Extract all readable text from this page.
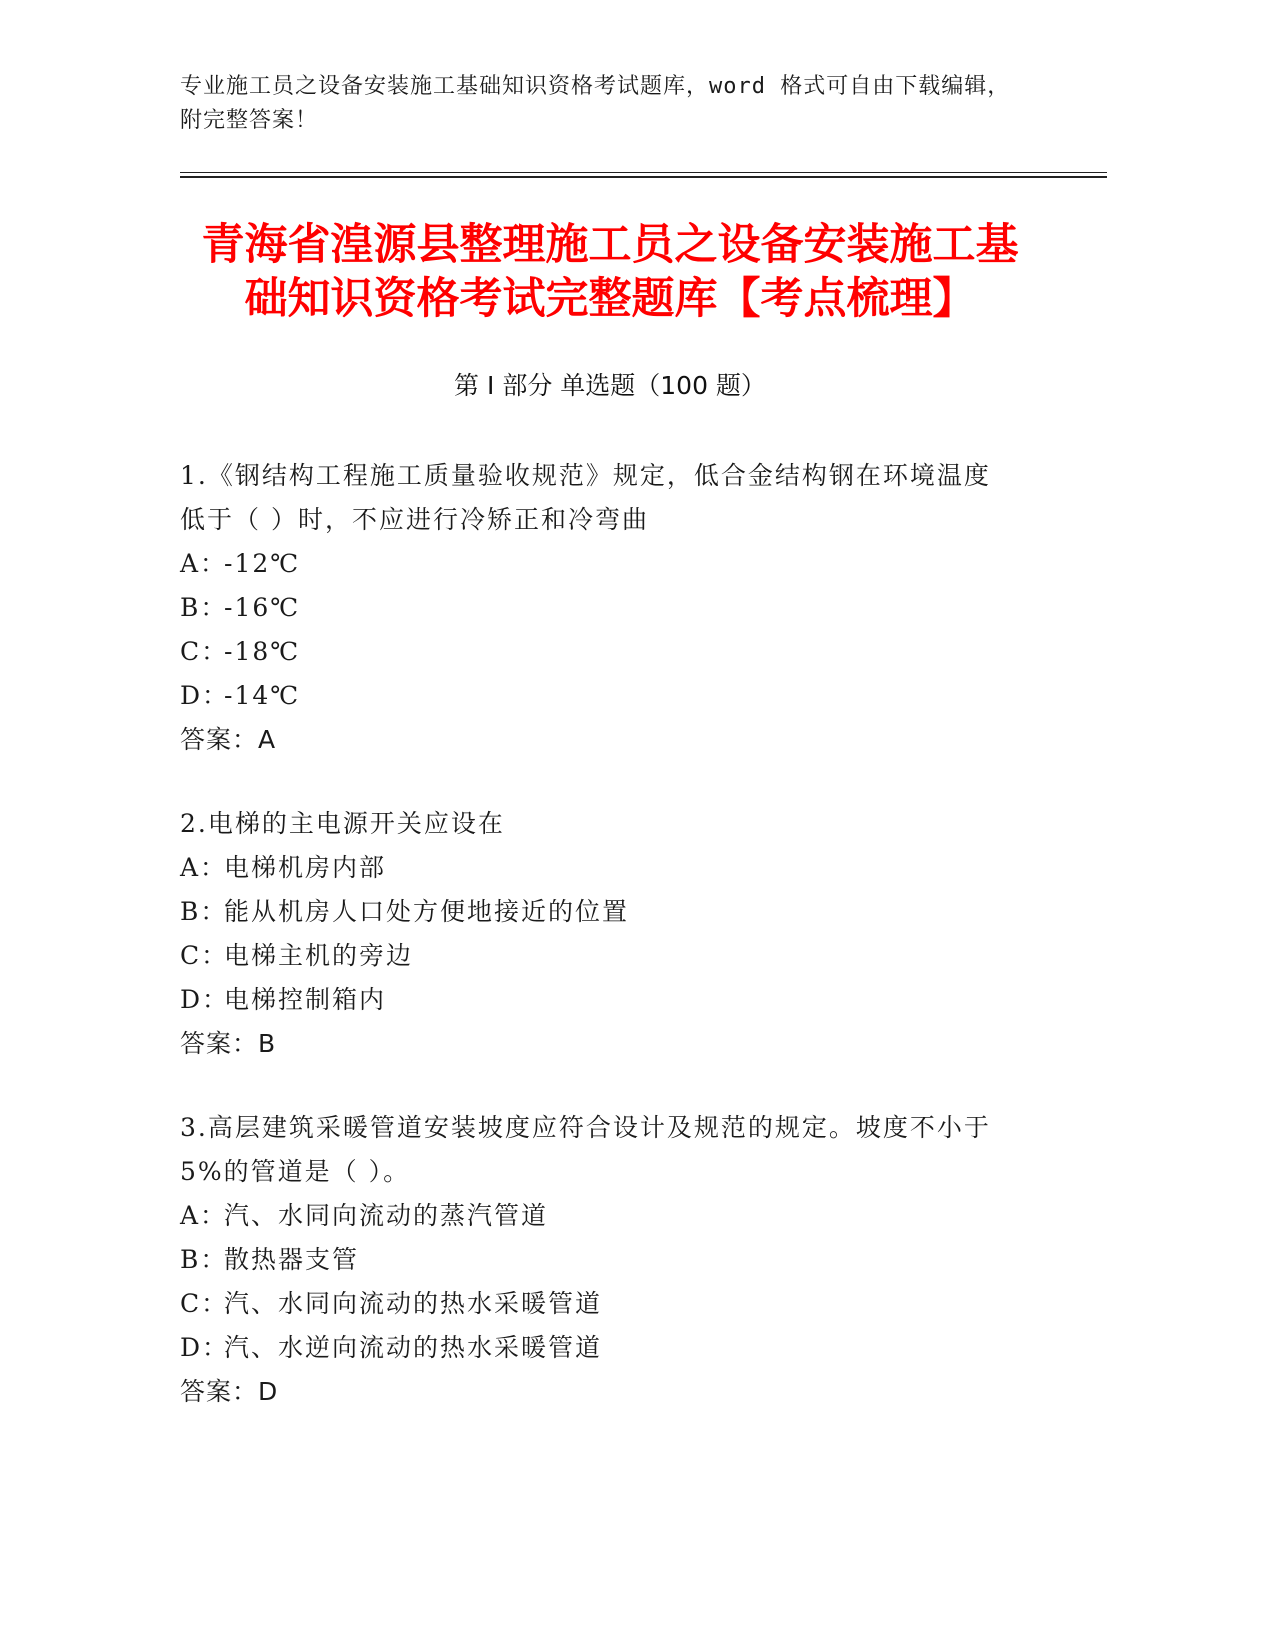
专业施工员之设备安装施工基础知识资格考试题库，word 格式可自由下载编辑，
附完整答案！
青海省湟源县整理施工员之设备安装施工基
础知识资格考试完整题库【考点梳理】
第 I 部分 单选题（100 题）
1.《钢结构工程施工质量验收规范》规定，低合金结构钢在环境温度
低于（ ）时，不应进行冷矫正和冷弯曲
A：-12℃
B：-16℃
C：-18℃
D：-14℃
答案：A
2.电梯的主电源开关应设在
A：电梯机房内部
B：能从机房人口处方便地接近的位置
C：电梯主机的旁边
D：电梯控制箱内
答案：B
3.高层建筑采暖管道安装坡度应符合设计及规范的规定。坡度不小于
5%的管道是（ ）。
A：汽、水同向流动的蒸汽管道
B：散热器支管
C：汽、水同向流动的热水采暖管道
D：汽、水逆向流动的热水采暖管道
答案：D
